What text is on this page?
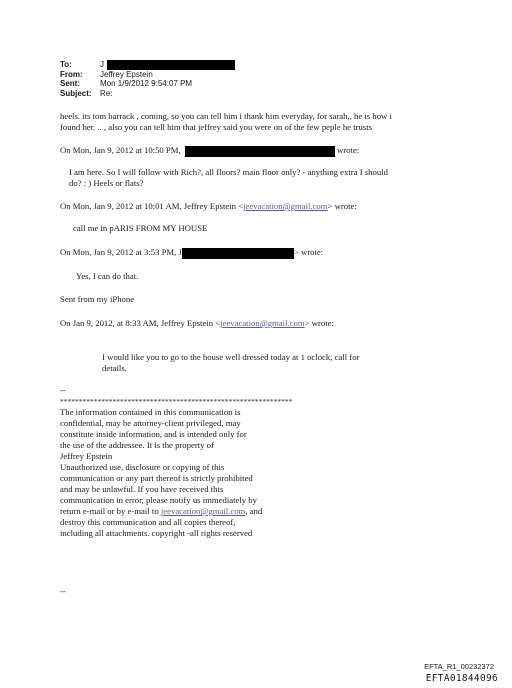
To:	J
From:	Jeffrey Epstein
Sent:	Mon 1/9/2012 9:54:07 PM
Subject:	Re:
heels. its tom barrack , coming, so you can tell him i thank him everyday, for sarah,, he is how i
found her. .. , also you can tell him that jeffrey said you were on of the few peple he trusts
On Mon, Jan 9, 2012 at 10:50 PM,	wrote:
I am here. So I will follow with Rich?, all floors? main floor only? - anything extra I should
do? : ) Heels or flats?
On Mon, Jan 9, 2012 at 10:01 AM, Jeffrey Epstein <jeevacation@gmail.com> wrote:
call me in pARIS FROM MY HOUSE
On Mon, Jan 9, 2012 at 3:53 PM, J	> wrote:
Yes, I can do that.
Sent from my iPhone
On Jan 9, 2012, at 8:33 AM, Jeffrey Epstein <jeevacation@gmail.com> wrote:
I would like you to go to the house well dressed today at 1 oclock, call for
details.
--
**************************************************************
The information contained in this communication is
confidential, may be attorney-client privileged, may
constitute inside information, and is intended only for
the use of the addressee. It is the property of
Jeffrey Epstein
Unauthorized use, disclosure or copying of this
communication or any part thereof is strictly prohibited
and may be unlawful. If you have received this
communication in error, please notify us immediately by
return e-mail or by e-mail to jeevacation@gmail.com, and
destroy this communication and all copies thereof,
including all attachments. copyright -all rights reserved
--
EFTA_R1_00232372
EFTA01844096
